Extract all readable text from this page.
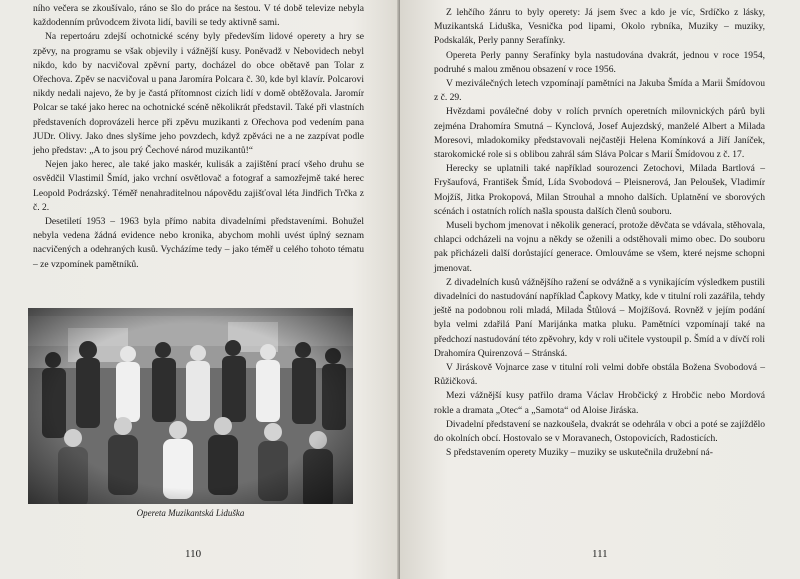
ního večera se zkoušívalo, ráno se šlo do práce na šestou. V té době televize nebyla každodenním průvodcem života lidí, bavili se tedy aktivně sami.

Na repertoáru zdejší ochotnické scény byly především lidové operety a hry se zpěvy, na programu se však objevily i vážnější kusy. Poněvadž v Nebovidech nebyl nikdo, kdo by nacvičoval zpěvní party, docházel do obce obětavě pan Tolar z Ořechova. Zpěv se nacvičoval u pana Jaromíra Polcara č. 30, kde byl klavír. Polcarovi nikdy nedali najevo, že by je častá přítomnost cizích lidí v domě obtěžovala. Jaromír Polcar se také jako herec na ochotnické scéně několikrát představil. Také při vlastních představeních doprovázeli herce při zpěvu muzikanti z Ořechova pod vedením pana JUDr. Olivy. Jako dnes slyšíme jeho povzdech, když zpěváci ne a ne zazpívat podle jeho představ: „A to jsou prý Čechové národ muzikantů!“

Nejen jako herec, ale také jako maskér, kulisák a zajištění prací všeho druhu se osvědčil Vlastimil Šmíd, jako vrchní osvětlovač a fotograf a samozřejmě také herec Leopold Podrázský. Téměř nenahraditelnou nápovědu zajišťoval léta Jindřich Trčka z č. 2.

Desetiletí 1953 – 1963 byla přímo nabita divadelními představeními. Bohužel nebyla vedena žádná evidence nebo kronika, abychom mohli uvést úplný seznam nacvičených a odehraných kusů. Vycházíme tedy – jako téměř u celého tohoto tématu – ze vzpomínek pamětníků.

Opereta Muzikantská Liduška
110

Z lehčího žánru to byly operety: Já jsem švec a kdo je víc, Srdíčko z lásky, Muzikantská Liduška, Vesnička pod lipami, Okolo rybníka, Muziky – muziky, Podskalák, Perly panny Serafínky.

Opereta Perly panny Serafínky byla nastudována dvakrát, jednou v roce 1954, podruhé s malou změnou obsazení v roce 1956.

V meziválečných letech vzpomínají pamětníci na Jakuba Šmída a Marii Šmídovou z č. 29.

Hvězdami poválečné doby v rolích prvních operetních milovnických párů byli zejména Drahomíra Smutná – Kynclová, Josef Aujezdský, manželé Albert a Milada Moresovi, mladokomiky představovali nejčastěji Helena Komínková a Jiří Janíček, starokomické role si s oblibou zahrál sám Sláva Polcar s Marií Šmídovou z č. 17.

Herecky se uplatnili také například sourozenci Zetochovi, Milada Bartlová – Fryšaufová, František Šmíd, Lída Svobodová – Pleisnerová, Jan Peloušek, Vladimír Mojžíš, Jitka Prokopová, Milan Strouhal a mnoho dalších. Uplatnění ve sborových scénách i ostatních rolích našla spousta dalších členů souboru.

Museli bychom jmenovat i několik generací, protože děvčata se vdávala, stěhovala, chlapci odcházeli na vojnu a někdy se oženili a odstěhovali mimo obec. Do souboru pak přicházeli další dorůstající generace. Omlouváme se všem, které nejsme schopni jmenovat.

Z divadelních kusů vážnějšího ražení se odvážně a s vynikajícím výsledkem pustili divadelníci do nastudování například Čapkovy Matky, kde v titulní roli zazářila, tehdy ještě na podobnou roli mladá, Milada Štůlová – Mojžíšová. Rovněž v jejím podání byla velmi zdařilá Paní Marijánka matka pluku. Pamětníci vzpomínají také na předchozí nastudování této zpěvohry, kdy v roli učitele vystoupil p. Šmíd a v dívčí roli Drahomíra Quirenzová – Stránská.

V Jiráskově Vojnarce zase v titulní roli velmi dobře obstála Božena Svobodová – Růžičková.

Mezi vážnější kusy patřilo drama Václav Hrobčický z Hrobčic nebo Mordová rokle a dramata „Otec“ a „Samota“ od Aloise Jiráska.

Divadelní představení se nazkoušela, dvakrát se odehrála v obci a poté se zajíždělo do okolních obcí. Hostovalo se v Moravanech, Ostopovicích, Radosticích.

S představením operety Muziky – muziky se uskutečnila družební ná-

111
